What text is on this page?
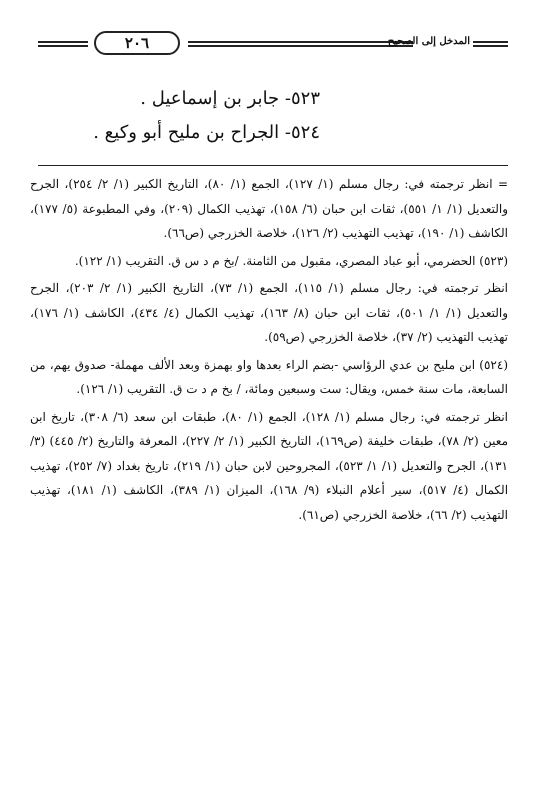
٢٠٦	المدخل إلى الصحيح
٥٢٣- جابر بن إسماعيل .
٥٢٤- الجراح بن مليح أبو وكيع .

= انظر ترجمته في: رجال مسلم (١/ ١٢٧)، الجمع (١/ ٨٠)، التاريخ الكبير (١/ ٢/ ٢٥٤)، الجرح والتعديل (١/ ١/ ٥٥١)، ثقات ابن حبان (٦/ ١٥٨)، تهذيب الكمال (٢٠٩)، وفي المطبوعة (٥/ ١٧٧)، الكاشف (١/ ١٩٠)، تهذيب التهذيب (٢/ ١٢٦)، خلاصة الخزرجي (ص٦٦).

(٥٢٣) الحضرمي، أبو عباد المصري، مقبول من الثامنة. /بخ م د س ق. التقريب (١/ ١٢٢).

انظر ترجمته في: رجال مسلم (١/ ١١٥)، الجمع (١/ ٧٣)، التاريخ الكبير (١/ ٢/ ٢٠٣)، الجرح والتعديل (١/ ١/ ٥٠١)، ثقات ابن حبان (٨/ ١٦٣)، تهذيب الكمال (٤/ ٤٣٤)، الكاشف (١/ ١٧٦)، تهذيب التهذيب (٢/ ٣٧)، خلاصة الخزرجي (ص٥٩).

(٥٢٤) ابن مليح بن عدي الرؤاسي -بضم الراء بعدها واو بهمزة وبعد الألف مهملة- صدوق يهم، من السابعة، مات سنة خمس، ويقال: ست وسبعين ومائة، / بخ م د ت ق. التقريب (١/ ١٢٦).

انظر ترجمته في: رجال مسلم (١/ ١٢٨)، الجمع (١/ ٨٠)، طبقات ابن سعد (٦/ ٣٠٨)، تاريخ ابن معين (٢/ ٧٨)، طبقات خليفة (ص١٦٩)، التاريخ الكبير (١/ ٢/ ٢٢٧)، المعرفة والتاريخ (٢/ ٤٤٥) (٣/ ١٣١)، الجرح والتعديل (١/ ١/ ٥٢٣)، المجروحين لابن حبان (١/ ٢١٩)، تاريخ بغداد (٧/ ٢٥٢)، تهذيب الكمال (٤/ ٥١٧)، سير أعلام النبلاء (٩/ ١٦٨)، الميزان (١/ ٣٨٩)، الكاشف (١/ ١٨١)، تهذيب التهذيب (٢/ ٦٦)، خلاصة الخزرجي (ص٦١).
